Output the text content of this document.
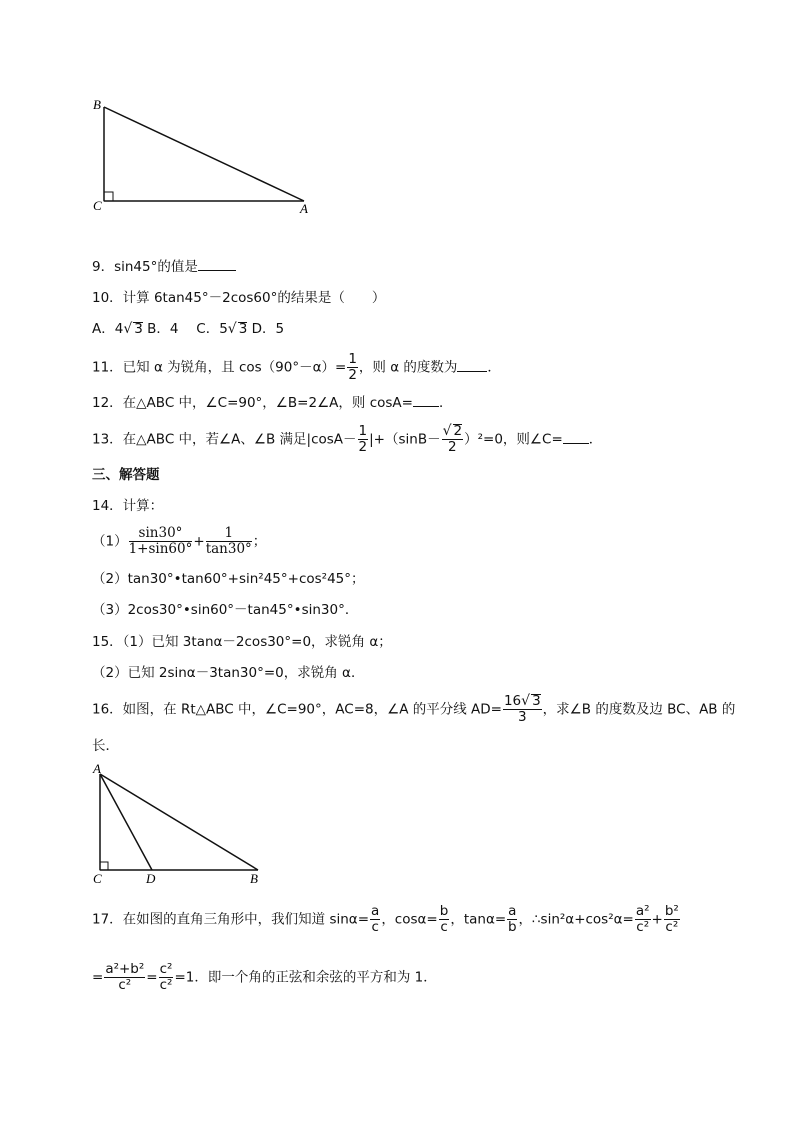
B
C	A
9．sin45°的值是
10．计算 6tan45°－2cos60°的结果是（　　）
A．4√ 3 B．4　 C．5√ 3 D．5
11．已知 α 为锐角，且 $\cos(90^\circ-\alpha)= \frac{1}{2}$ ，则 α 的度数为 ．
12．在△ABC 中，∠C=90°，∠B=2∠A，则 cosA= ．
13．在△ABC 中，若∠A、∠B 满足$|\cos A- \frac{1}{2} |+(\sin B- \frac{√ 2}{2} )^2=0$，则∠C= ．
三、解答题
14．计算：
$(1) \frac{\sin 30^\circ}{1+\sin 60^\circ} + \frac{1}{\tan 30^\circ}$ ；
（2）tan30°•tan60°+sin²45°+cos²45°；
（3）2cos30°•sin60°－tan45°•sin30°．
15．（1）已知 3tanα－2cos30°=0，求锐角 α；
（2）已知 2sinα－3tan30°=0，求锐角 α．
16．如图，在 Rt△ABC 中，∠C=90°，AC=8，∠A 的平分线 $AD= \frac{16√ 3}{3}$ ，求∠B 的度数及边 BC、AB 的
长．
A
C	D	B
17．在如图的直角三角形中，我们知道 $\sin\alpha= \frac{a}{c}$ ，$\cos\alpha= \frac{b}{c}$ ，$\tan\alpha= \frac{a}{b}$ ，∴sin²α+cos²α= $\frac{\text{a²}}{\text{c²}} + \frac{\text{b²}}{\text{c²}}$
= $\frac{\text{a²+b²}}{\text{c²}} = \frac{\text{c²}}{\text{c²}} =1$．即一个角的正弦和余弦的平方和为 1．
